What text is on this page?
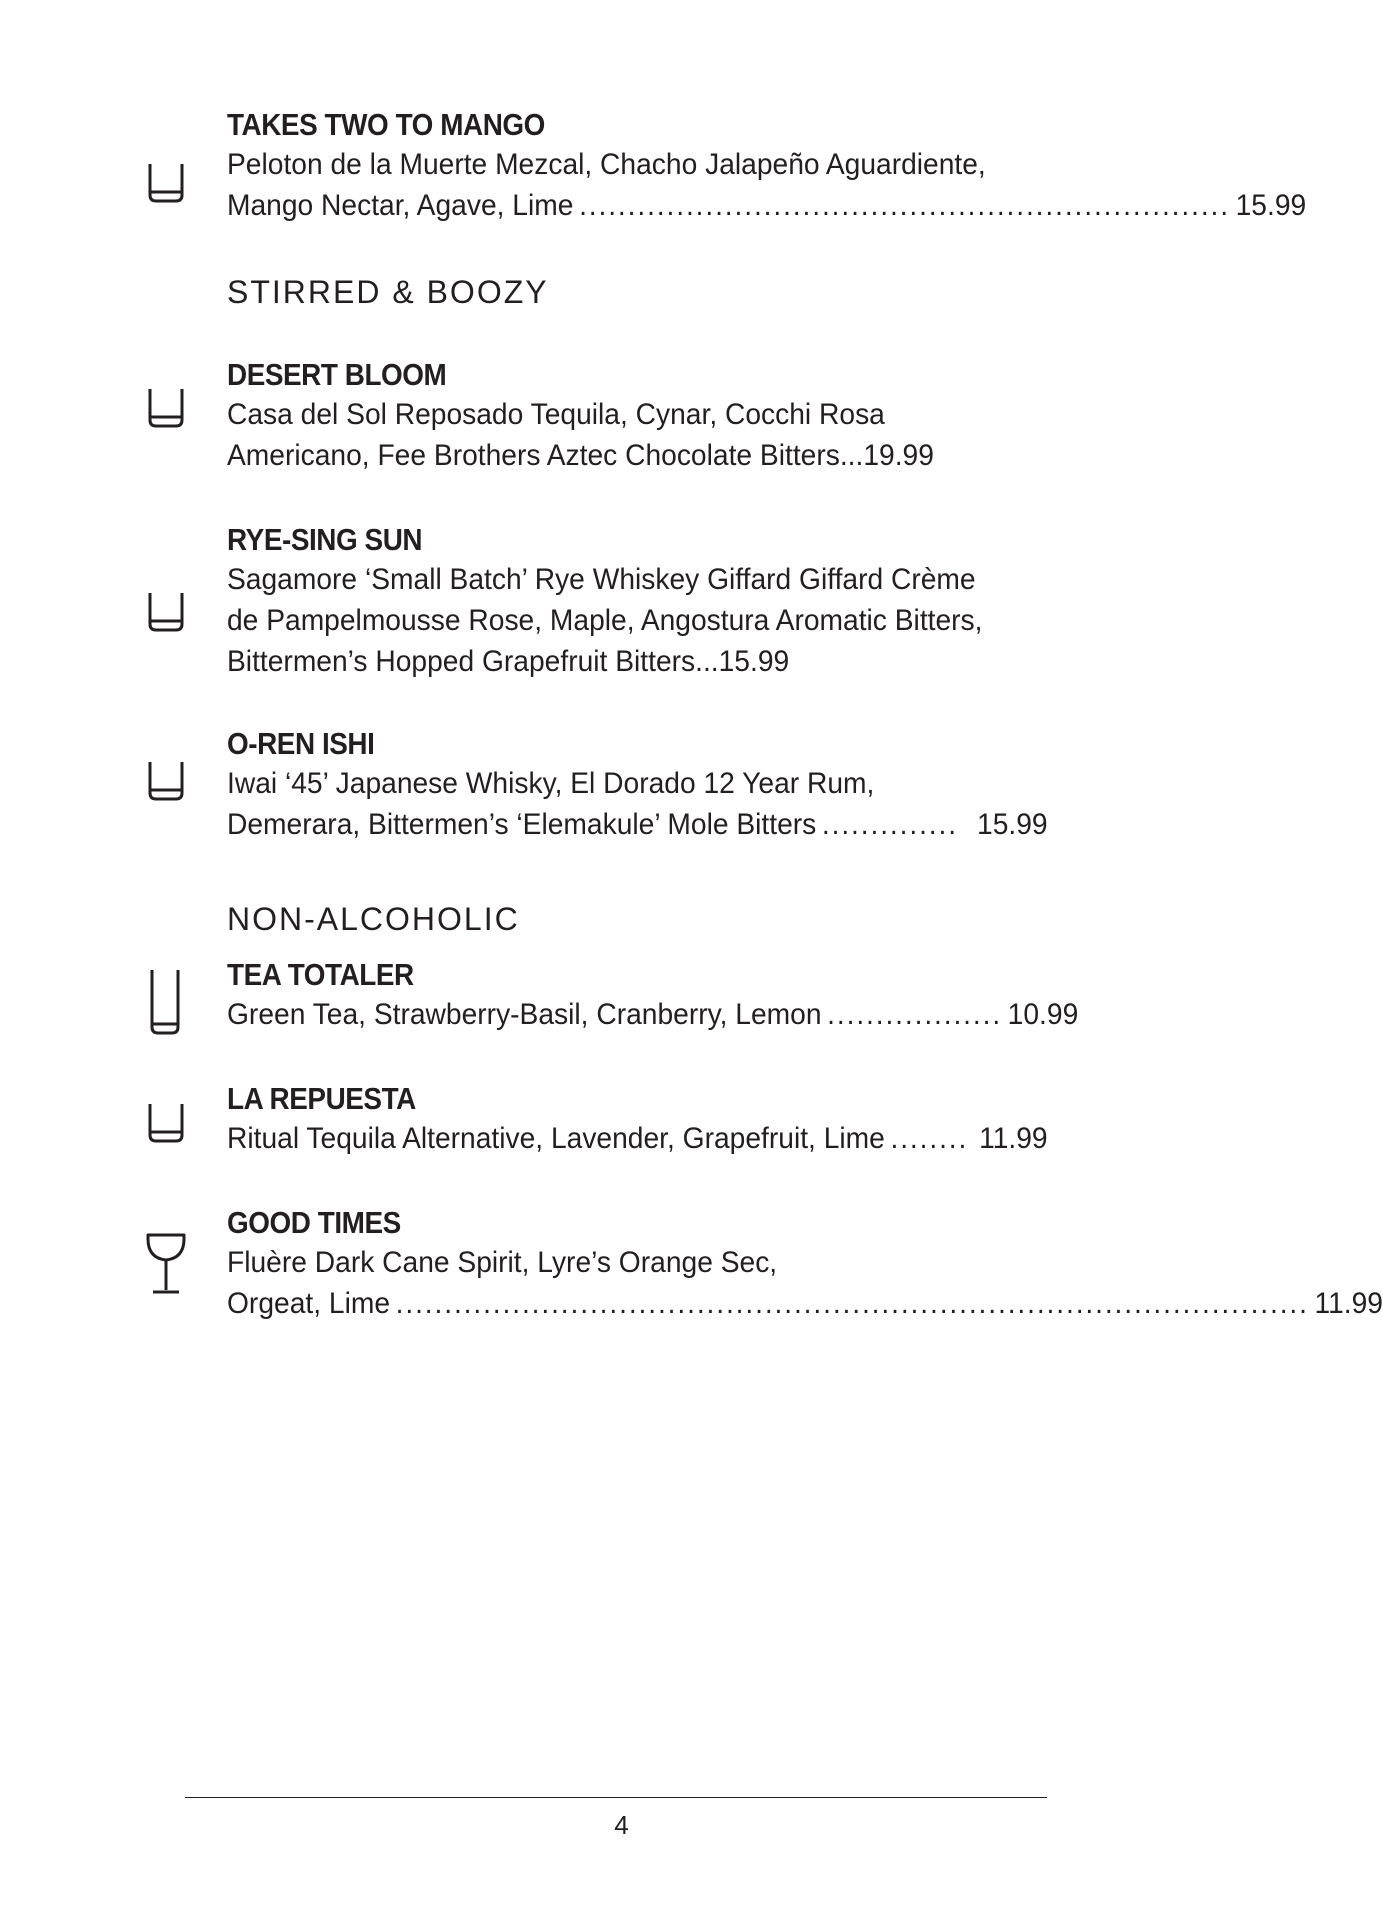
TAKES TWO TO MANGO
Peloton de la Muerte Mezcal, Chacho Jalapeño Aguardiente,
Mango Nectar, Agave, Lime ................................................................... 15.99
STIRRED & BOOZY
DESERT BLOOM
Casa del Sol Reposado Tequila, Cynar, Cocchi Rosa
Americano, Fee Brothers Aztec Chocolate Bitters...19.99
RYE-SING SUN
Sagamore ‘Small Batch’ Rye Whiskey Giffard Giffard Crème
de Pampelmousse Rose, Maple, Angostura Aromatic Bitters,
Bittermen’s Hopped Grapefruit Bitters...15.99
O-REN ISHI
Iwai ‘45’ Japanese Whisky, El Dorado 12 Year Rum,
Demerara, Bittermen’s ‘Elemakule’ Mole Bitters .............. 15.99
NON-ALCOHOLIC
TEA TOTALER
Green Tea, Strawberry-Basil, Cranberry, Lemon .................. 10.99
LA REPUESTA
Ritual Tequila Alternative, Lavender, Grapefruit, Lime ........ 11.99
GOOD TIMES
Fluère Dark Cane Spirit, Lyre’s Orange Sec,
Orgeat, Lime .............................................................................................. 11.99
4
